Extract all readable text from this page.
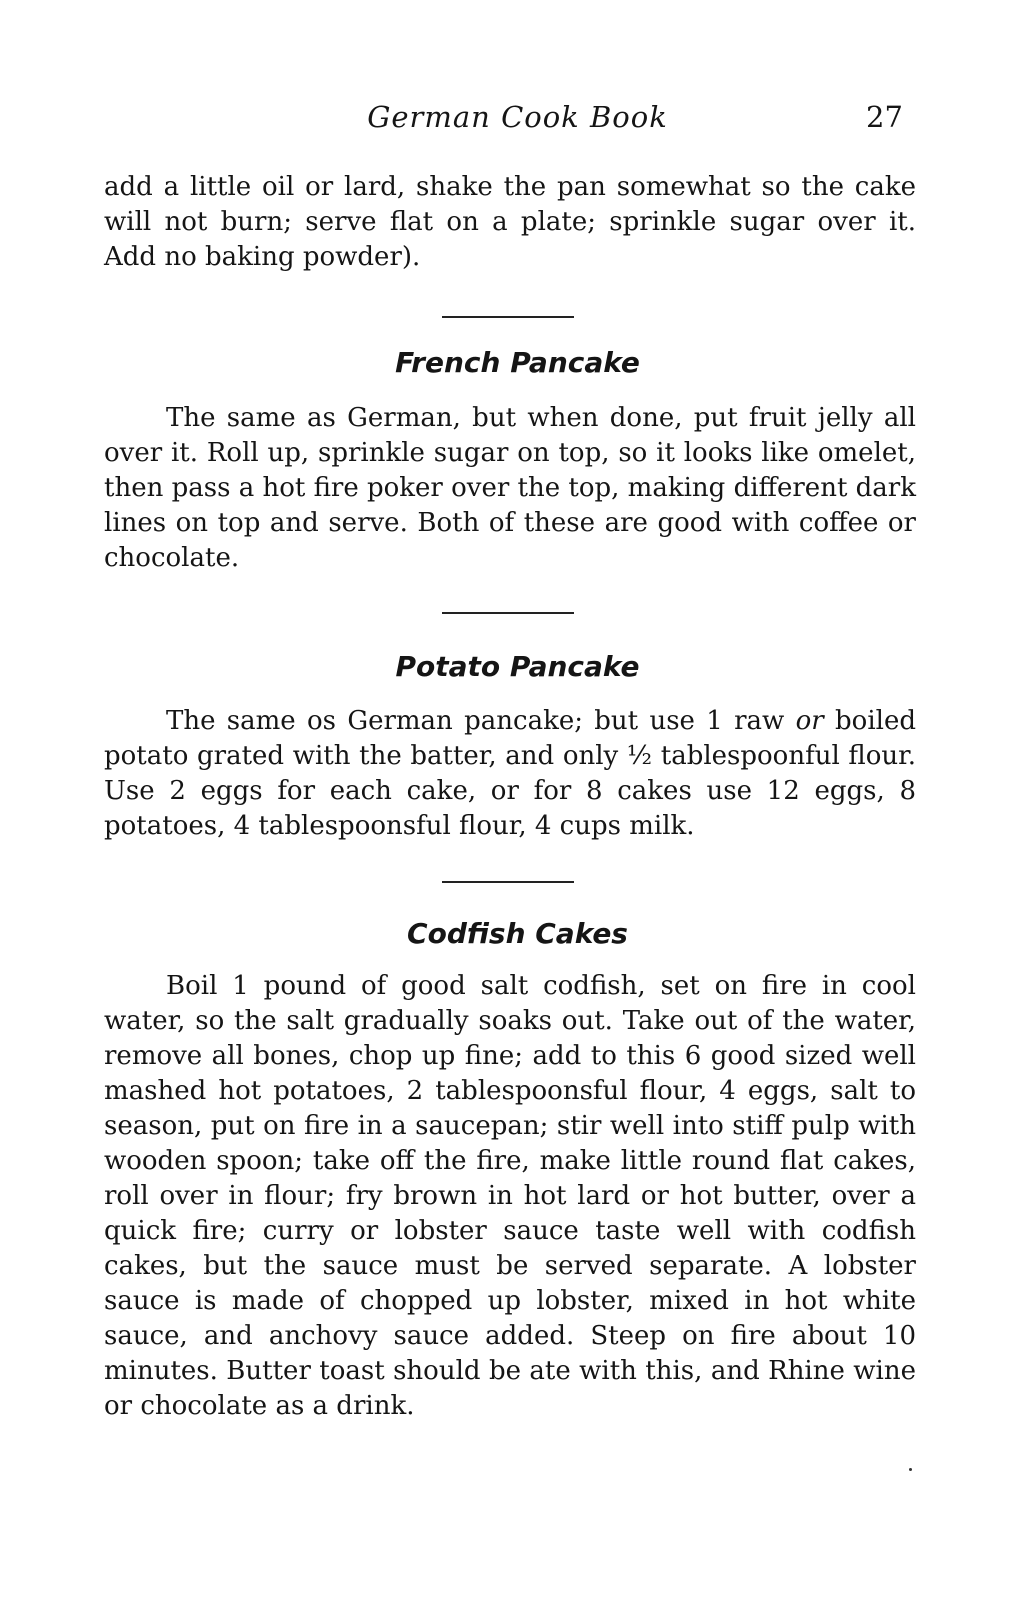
German Cook Book	27

add a little oil or lard, shake the pan somewhat so the cake will not burn; serve flat on a plate; sprinkle sugar over it. Add no baking powder).

French Pancake

The same as German, but when done, put fruit jelly all over it. Roll up, sprinkle sugar on top, so it looks like omelet, then pass a hot fire poker over the top, making different dark lines on top and serve. Both of these are good with coffee or chocolate.

Potato Pancake

The same os German pancake; but use 1 raw or boiled potato grated with the batter, and only ½ tablespoonful flour. Use 2 eggs for each cake, or for 8 cakes use 12 eggs, 8 potatoes, 4 tablespoonsful flour, 4 cups milk.

Codfish Cakes

Boil 1 pound of good salt codfish, set on fire in cool water, so the salt gradually soaks out. Take out of the water, remove all bones, chop up fine; add to this 6 good sized well mashed hot potatoes, 2 tablespoonsful flour, 4 eggs, salt to season, put on fire in a saucepan; stir well into stiff pulp with wooden spoon; take off the fire, make little round flat cakes, roll over in flour; fry brown in hot lard or hot butter, over a quick fire; curry or lobster sauce taste well with codfish cakes, but the sauce must be served separate. A lobster sauce is made of chopped up lobster, mixed in hot white sauce, and anchovy sauce added. Steep on fire about 10 minutes. Butter toast should be ate with this, and Rhine wine or chocolate as a drink.
